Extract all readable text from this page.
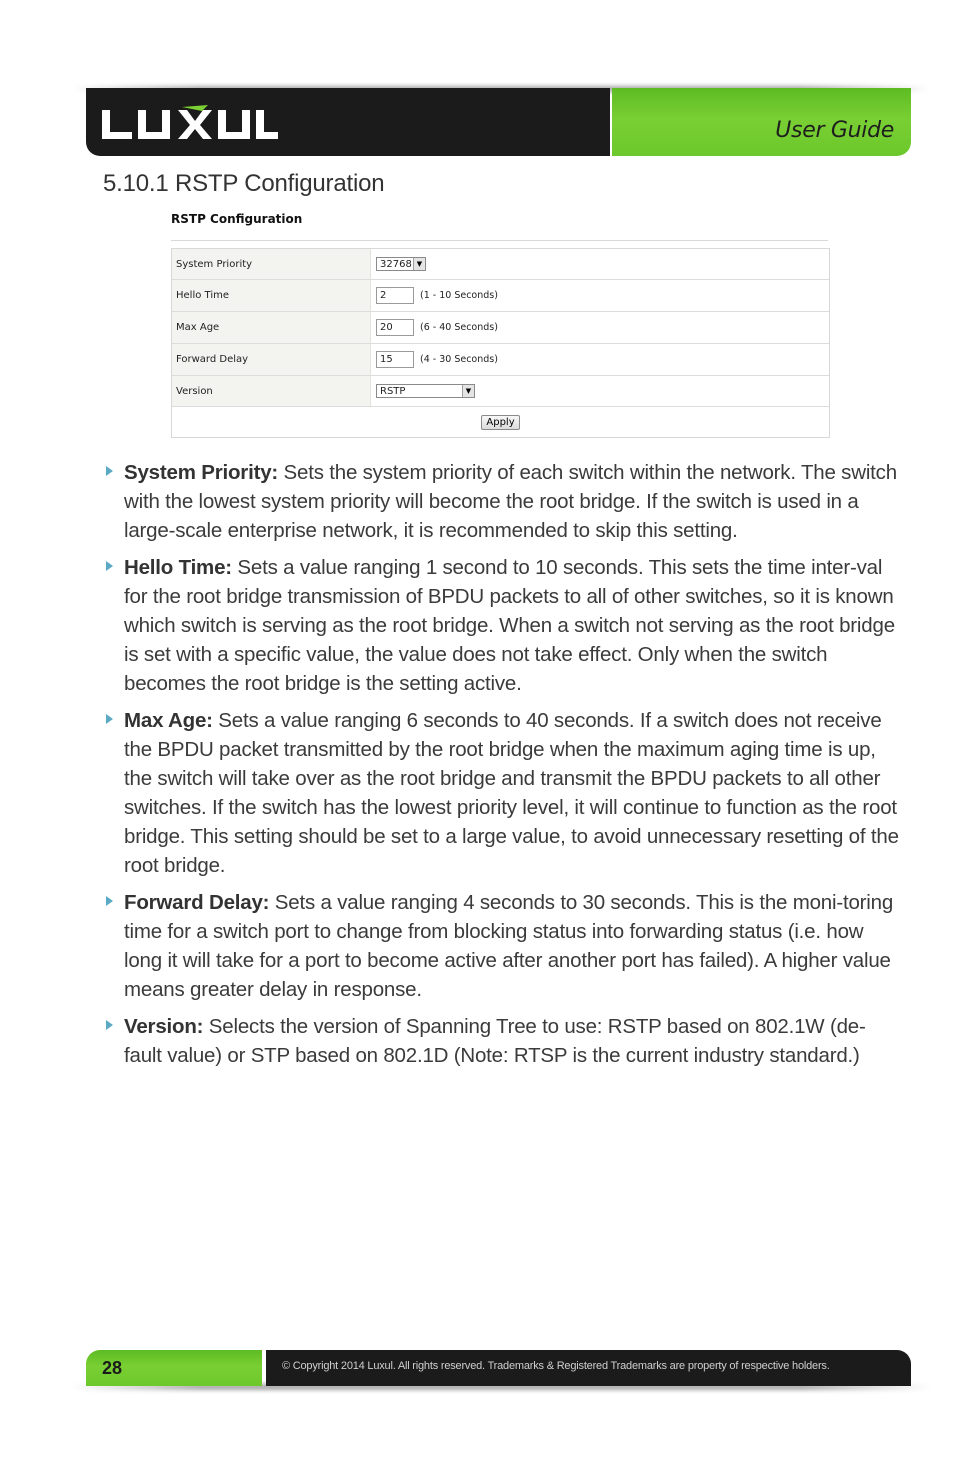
User Guide
5.10.1 RSTP Configuration
RSTP Configuration
System Priority	32768 ▼
Hello Time	2	(1 - 10 Seconds)
Max Age	20	(6 - 40 Seconds)
Forward Delay	15	(4 - 30 Seconds)
Version	RSTP	▼
Apply
System Priority: Sets the system priority of each switch within the network. The switch with the lowest system priority will become the root bridge. If the switch is used in a large-scale enterprise network, it is recommended to skip this setting.
Hello Time: Sets a value ranging 1 second to 10 seconds. This sets the time inter-val for the root bridge transmission of BPDU packets to all of other switches, so it is known which switch is serving as the root bridge. When a switch not serving as the root bridge is set with a specific value, the value does not take effect. Only when the switch becomes the root bridge is the setting active.
Max Age: Sets a value ranging 6 seconds to 40 seconds. If a switch does not receive the BPDU packet transmitted by the root bridge when the maximum aging time is up, the switch will take over as the root bridge and transmit the BPDU packets to all other switches. If the switch has the lowest priority level, it will continue to function as the root bridge. This setting should be set to a large value, to avoid unnecessary resetting of the root bridge.
Forward Delay: Sets a value ranging 4 seconds to 30 seconds. This is the moni-toring time for a switch port to change from blocking status into forwarding status (i.e. how long it will take for a port to become active after another port has failed). A higher value means greater delay in response.
Version: Selects the version of Spanning Tree to use: RSTP based on 802.1W (de-fault value) or STP based on 802.1D (Note: RTSP is the current industry standard.)
28	© Copyright 2014 Luxul. All rights reserved. Trademarks & Registered Trademarks are property of respective holders.
